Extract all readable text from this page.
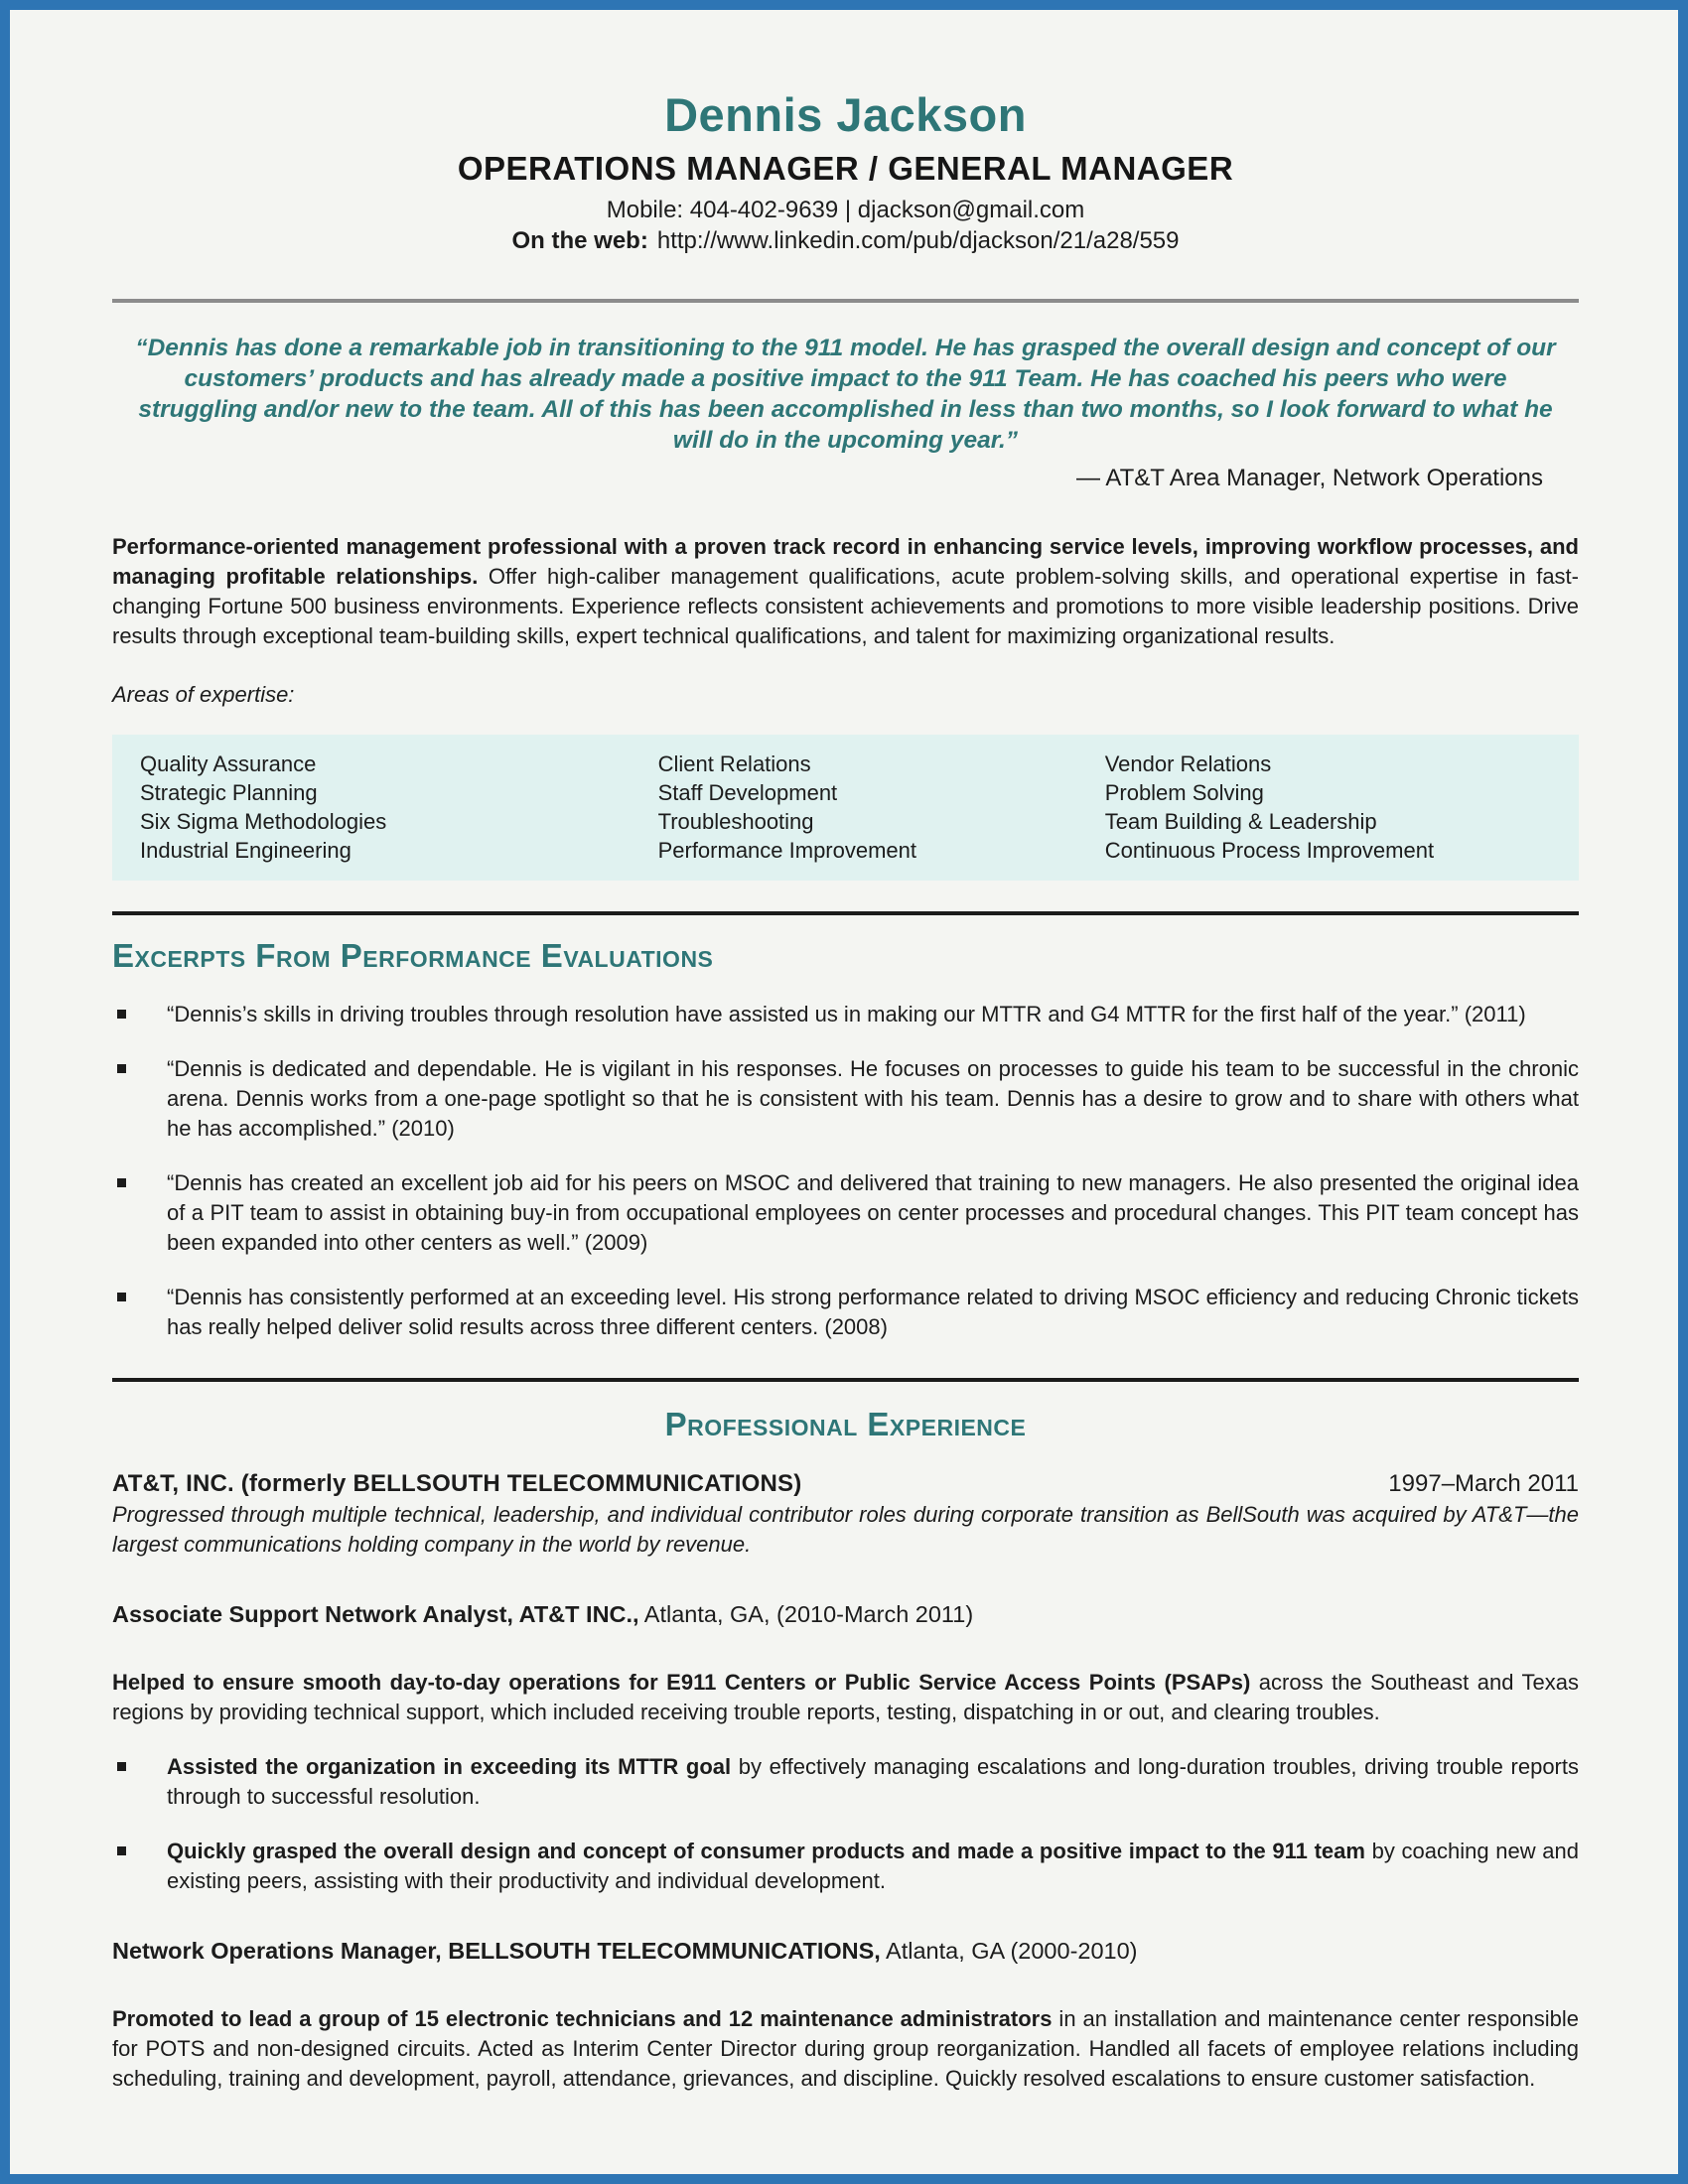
Dennis Jackson
OPERATIONS MANAGER / GENERAL MANAGER
Mobile: 404-402-9639 | djackson@gmail.com
On the web: http://www.linkedin.com/pub/djackson/21/a28/559
“Dennis has done a remarkable job in transitioning to the 911 model. He has grasped the overall design and concept of our customers’ products and has already made a positive impact to the 911 Team. He has coached his peers who were struggling and/or new to the team. All of this has been accomplished in less than two months, so I look forward to what he will do in the upcoming year.”
— AT&T Area Manager, Network Operations

Performance-oriented management professional with a proven track record in enhancing service levels, improving workflow processes, and managing profitable relationships. Offer high-caliber management qualifications, acute problem-solving skills, and operational expertise in fast-changing Fortune 500 business environments. Experience reflects consistent achievements and promotions to more visible leadership positions. Drive results through exceptional team-building skills, expert technical qualifications, and talent for maximizing organizational results.

Areas of expertise:

Quality Assurance	Client Relations	Vendor Relations
Strategic Planning	Staff Development	Problem Solving
Six Sigma Methodologies	Troubleshooting	Team Building & Leadership
Industrial Engineering	Performance Improvement	Continuous Process Improvement
Excerpts From Performance Evaluations
“Dennis’s skills in driving troubles through resolution have assisted us in making our MTTR and G4 MTTR for the first half of the year.” (2011)
“Dennis is dedicated and dependable. He is vigilant in his responses. He focuses on processes to guide his team to be successful in the chronic arena. Dennis works from a one-page spotlight so that he is consistent with his team. Dennis has a desire to grow and to share with others what he has accomplished.” (2010)
“Dennis has created an excellent job aid for his peers on MSOC and delivered that training to new managers. He also presented the original idea of a PIT team to assist in obtaining buy-in from occupational employees on center processes and procedural changes. This PIT team concept has been expanded into other centers as well.” (2009)
“Dennis has consistently performed at an exceeding level. His strong performance related to driving MSOC efficiency and reducing Chronic tickets has really helped deliver solid results across three different centers. (2008)
Professional Experience
AT&T, INC. (formerly BELLSOUTH TELECOMMUNICATIONS)	1997–March 2011

Progressed through multiple technical, leadership, and individual contributor roles during corporate transition as BellSouth was acquired by AT&T—the largest communications holding company in the world by revenue.

Associate Support Network Analyst, AT&T INC., Atlanta, GA, (2010-March 2011)

Helped to ensure smooth day-to-day operations for E911 Centers or Public Service Access Points (PSAPs) across the Southeast and Texas regions by providing technical support, which included receiving trouble reports, testing, dispatching in or out, and clearing troubles.

Assisted the organization in exceeding its MTTR goal by effectively managing escalations and long-duration troubles, driving trouble reports through to successful resolution.
Quickly grasped the overall design and concept of consumer products and made a positive impact to the 911 team by coaching new and existing peers, assisting with their productivity and individual development.

Network Operations Manager, BELLSOUTH TELECOMMUNICATIONS, Atlanta, GA (2000-2010)

Promoted to lead a group of 15 electronic technicians and 12 maintenance administrators in an installation and maintenance center responsible for POTS and non-designed circuits. Acted as Interim Center Director during group reorganization. Handled all facets of employee relations including scheduling, training and development, payroll, attendance, grievances, and discipline. Quickly resolved escalations to ensure customer satisfaction.
